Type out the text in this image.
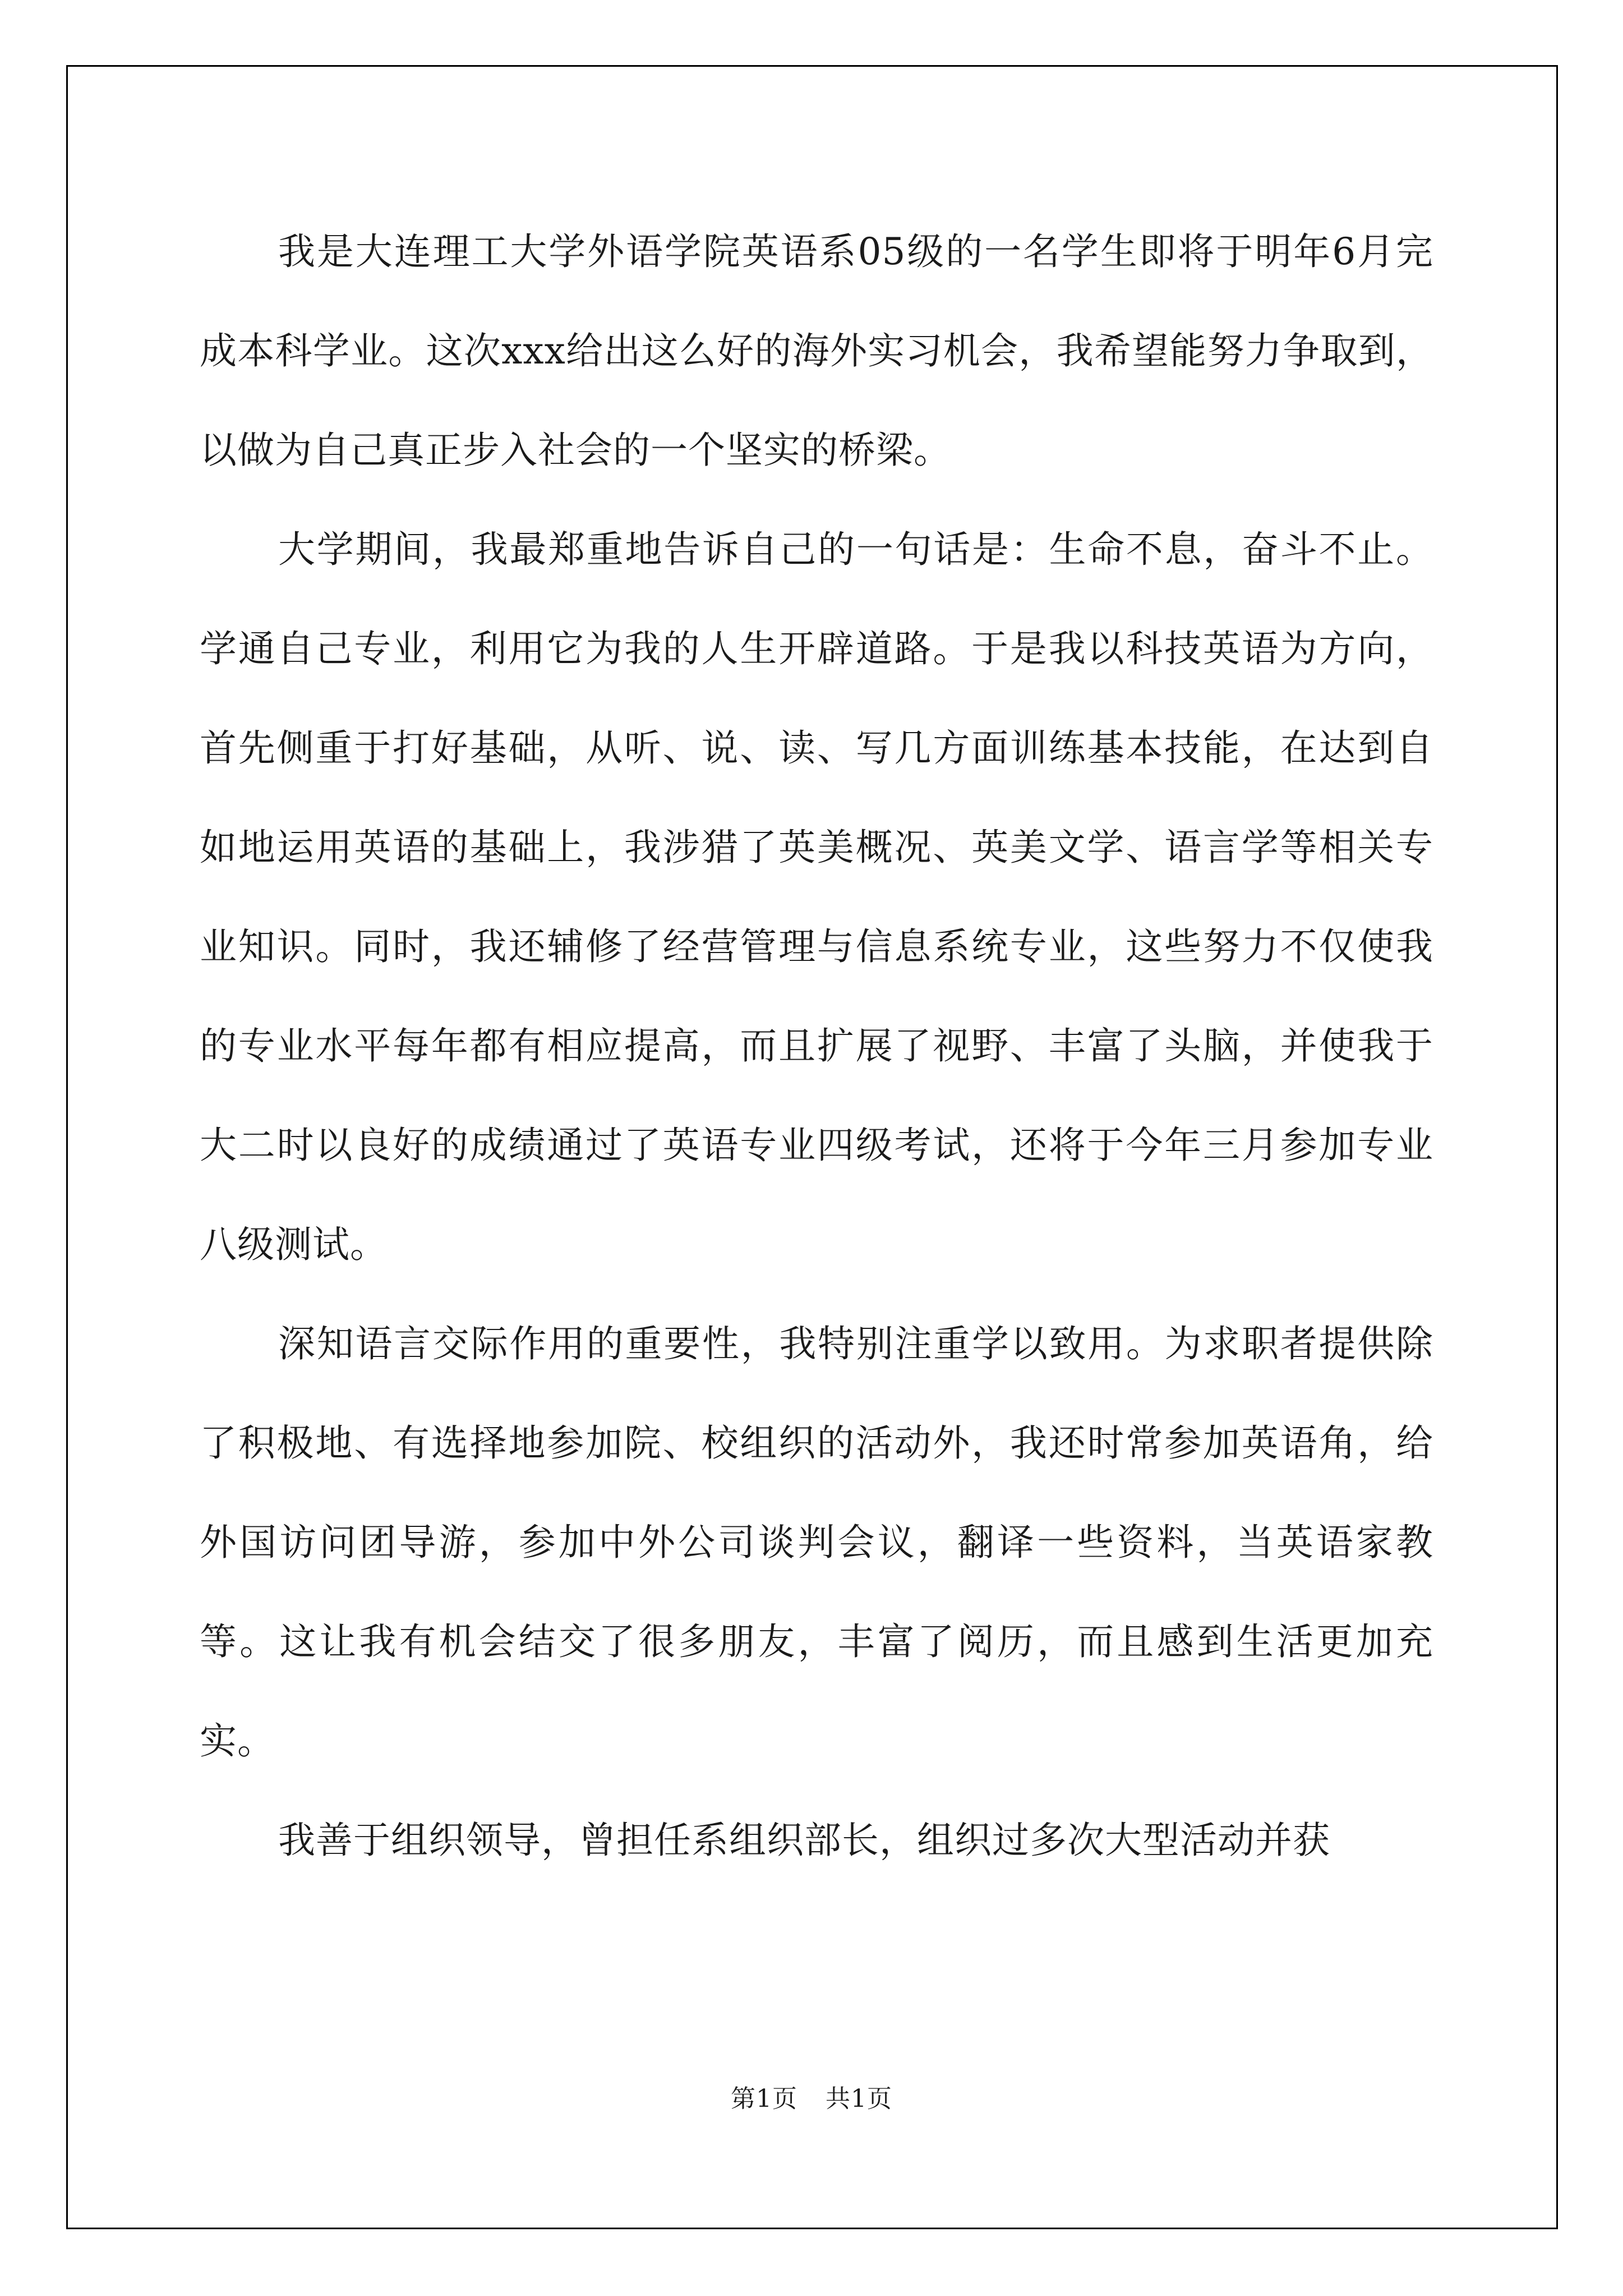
我是大连理工大学外语学院英语系05级的一名学生即将于明年6月完成本科学业。这次xxx给出这么好的海外实习机会，我希望能努力争取到，以做为自己真正步入社会的一个坚实的桥梁。

大学期间，我最郑重地告诉自己的一句话是：生命不息，奋斗不止。学通自己专业，利用它为我的人生开辟道路。于是我以科技英语为方向，首先侧重于打好基础，从听、说、读、写几方面训练基本技能，在达到自如地运用英语的基础上，我涉猎了英美概况、英美文学、语言学等相关专业知识。同时，我还辅修了经营管理与信息系统专业，这些努力不仅使我的专业水平每年都有相应提高，而且扩展了视野、丰富了头脑，并使我于大二时以良好的成绩通过了英语专业四级考试，还将于今年三月参加专业八级测试。

深知语言交际作用的重要性，我特别注重学以致用。为求职者提供除了积极地、有选择地参加院、校组织的活动外，我还时常参加英语角，给外国访问团导游，参加中外公司谈判会议，翻译一些资料，当英语家教等。这让我有机会结交了很多朋友，丰富了阅历，而且感到生活更加充实。

我善于组织领导，曾担任系组织部长，组织过多次大型活动并获

第1页 共1页
